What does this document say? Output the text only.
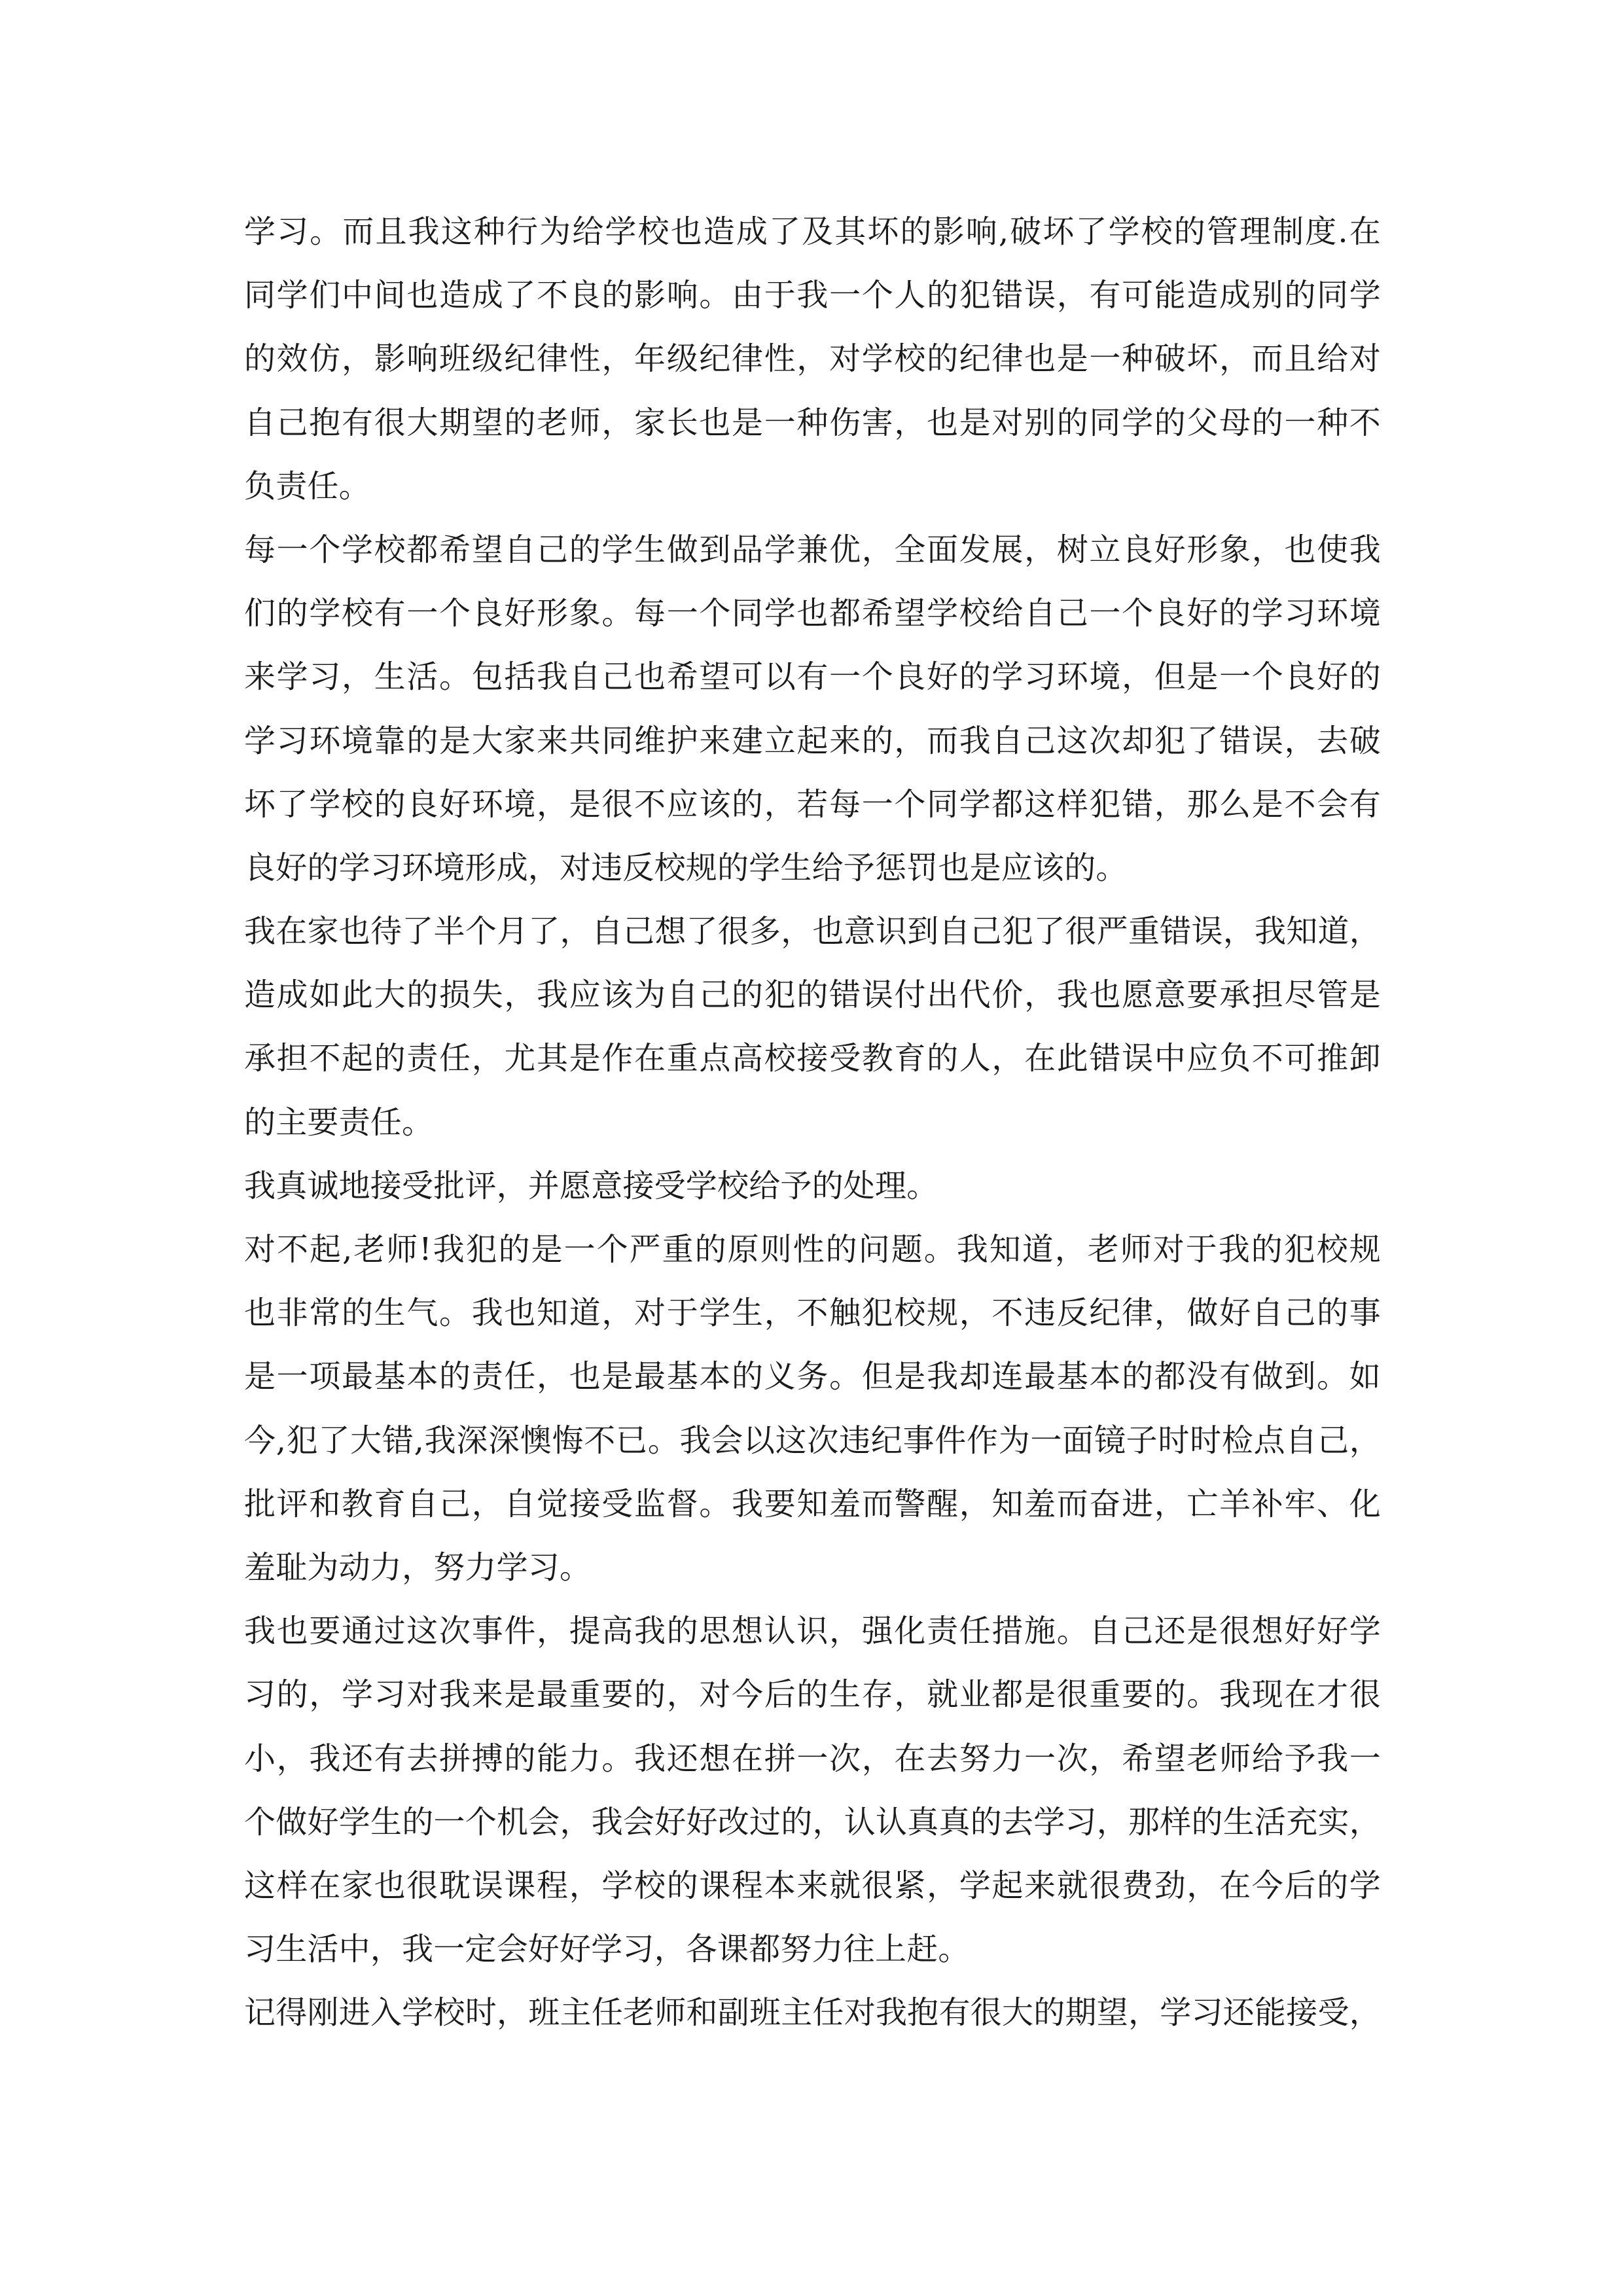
学习。而且我这种行为给学校也造成了及其坏的影响,破坏了学校的管理制度.在
同学们中间也造成了不良的影响。由于我一个人的犯错误，有可能造成别的同学
的效仿，影响班级纪律性，年级纪律性，对学校的纪律也是一种破坏，而且给对
自己抱有很大期望的老师，家长也是一种伤害，也是对别的同学的父母的一种不
负责任。
每一个学校都希望自己的学生做到品学兼优，全面发展，树立良好形象，也使我
们的学校有一个良好形象。每一个同学也都希望学校给自己一个良好的学习环境
来学习，生活。包括我自己也希望可以有一个良好的学习环境，但是一个良好的
学习环境靠的是大家来共同维护来建立起来的，而我自己这次却犯了错误，去破
坏了学校的良好环境，是很不应该的，若每一个同学都这样犯错，那么是不会有
良好的学习环境形成，对违反校规的学生给予惩罚也是应该的。
我在家也待了半个月了，自己想了很多，也意识到自己犯了很严重错误，我知道，
造成如此大的损失，我应该为自己的犯的错误付出代价，我也愿意要承担尽管是
承担不起的责任，尤其是作在重点高校接受教育的人，在此错误中应负不可推卸
的主要责任。
我真诚地接受批评，并愿意接受学校给予的处理。
对不起,老师!我犯的是一个严重的原则性的问题。我知道，老师对于我的犯校规
也非常的生气。我也知道，对于学生，不触犯校规，不违反纪律，做好自己的事
是一项最基本的责任，也是最基本的义务。但是我却连最基本的都没有做到。如
今,犯了大错,我深深懊悔不已。我会以这次违纪事件作为一面镜子时时检点自己，
批评和教育自己，自觉接受监督。我要知羞而警醒，知羞而奋进，亡羊补牢、化
羞耻为动力，努力学习。
我也要通过这次事件，提高我的思想认识，强化责任措施。自己还是很想好好学
习的，学习对我来是最重要的，对今后的生存，就业都是很重要的。我现在才很
小，我还有去拼搏的能力。我还想在拼一次，在去努力一次，希望老师给予我一
个做好学生的一个机会，我会好好改过的，认认真真的去学习，那样的生活充实，
这样在家也很耽误课程，学校的课程本来就很紧，学起来就很费劲，在今后的学
习生活中，我一定会好好学习，各课都努力往上赶。
记得刚进入学校时，班主任老师和副班主任对我抱有很大的期望，学习还能接受，
